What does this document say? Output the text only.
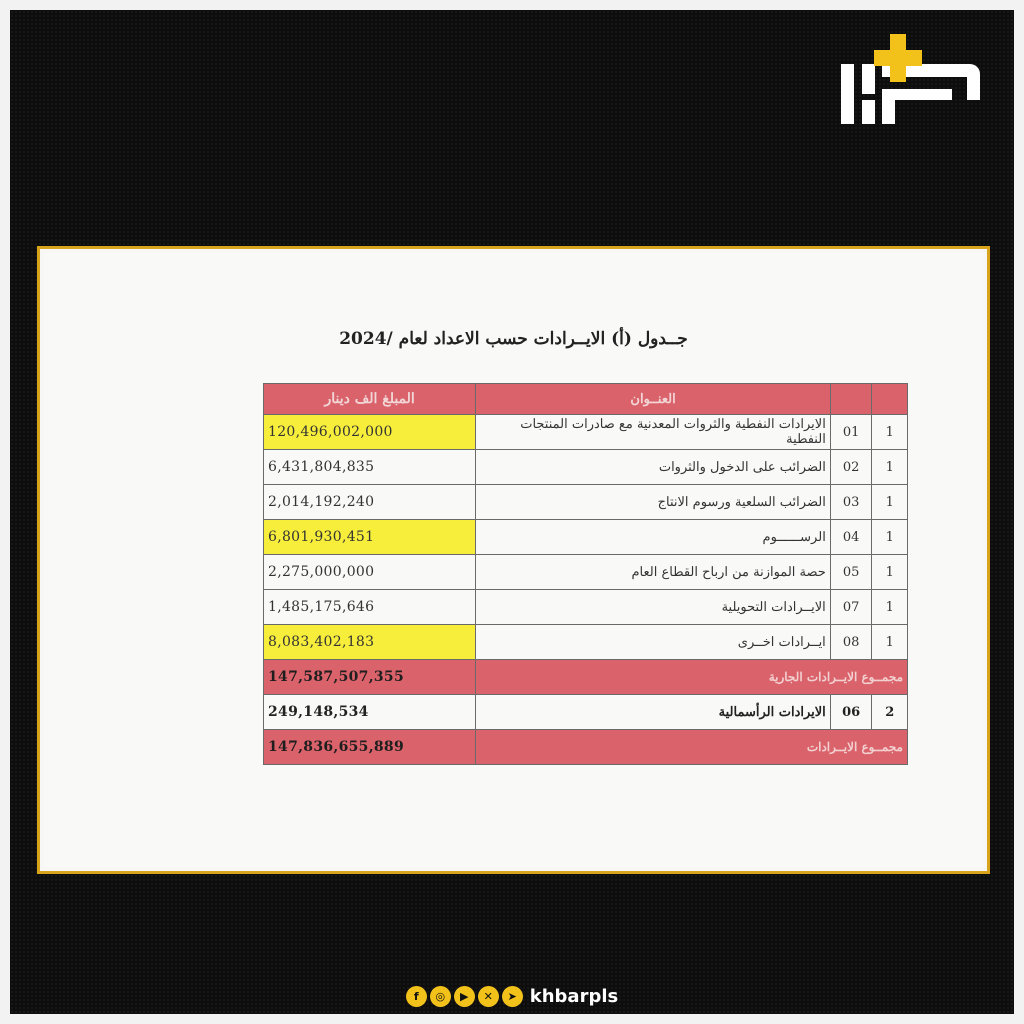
جــدول (أ) الايــرادات حسب الاعداد لعام /2024
		العنــوان	المبلغ الف دينار
1	01	الايرادات النفطية والثروات المعدنية مع صادرات المنتجات النفطية	120,496,002,000
1	02	الضرائب على الدخول والثروات	6,431,804,835
1	03	الضرائب السلعية ورسوم الانتاج	2,014,192,240
1	04	الرســــــوم	6,801,930,451
1	05	حصة الموازنة من ارباح القطاع العام	2,275,000,000
1	07	الايــرادات التحويلية	1,485,175,646
1	08	ايــرادات اخــرى	8,083,402,183
مجمــوع الايــرادات الجارية			147,587,507,355
2	06	الايرادات الرأسمالية	249,148,534
مجمــوع الايــرادات			147,836,655,889
f	◎	▶	✕	➤ khbarpls
